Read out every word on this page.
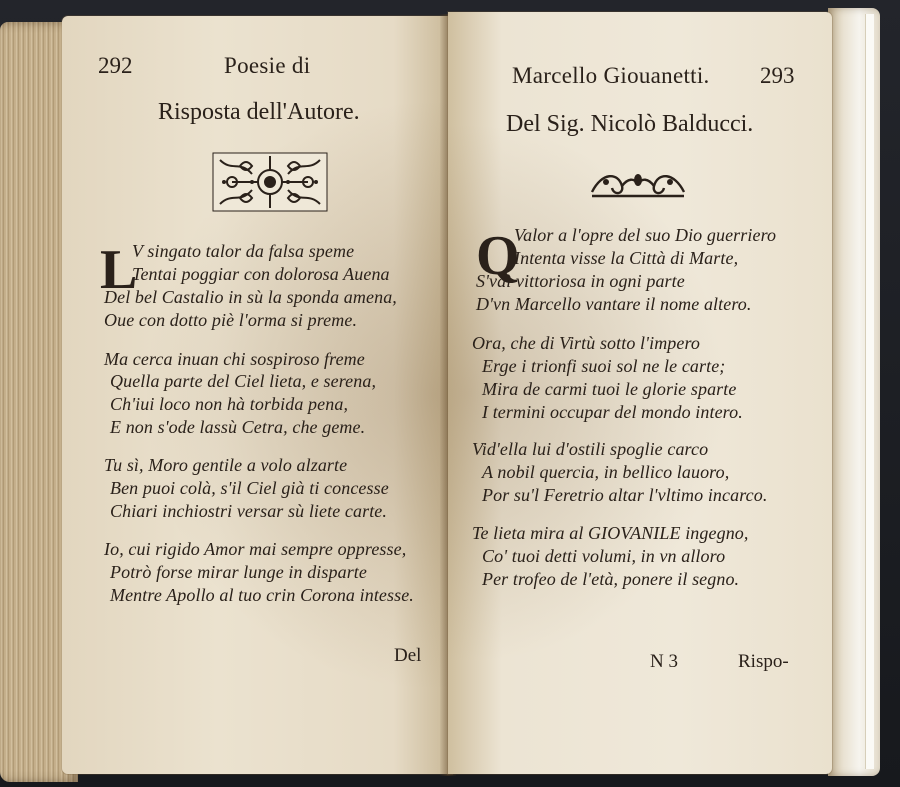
292	Poesie di
Risposta dell'Autore.
L
V singato talor da falsa speme
Tentai poggiar con dolorosa Auena
Del bel Castalio in sù la sponda amena,
Oue con dotto piè l'orma si preme.
Ma cerca inuan chi sospiroso freme
Quella parte del Ciel lieta, e serena,
Ch'iui loco non hà torbida pena,
E non s'ode lassù Cetra, che geme.
Tu sì, Moro gentile a volo alzarte
Ben puoi colà, s'il Ciel già ti concesse
Chiari inchiostri versar sù liete carte.
Io, cui rigido Amor mai sempre oppresse,
Potrò forse mirar lunge in disparte
Mentre Apollo al tuo crin Corona intesse.
Del
Marcello Giouanetti. 293
Del Sig. Nicolò Balducci.
Q
Valor a l'opre del suo Dio guerriero
Intenta visse la Città di Marte,
S'vdì vittoriosa in ogni parte
D'vn Marcello vantare il nome altero.
Ora, che di Virtù sotto l'impero
Erge i trionfi suoi sol ne le carte;
Mira de carmi tuoi le glorie sparte
I termini occupar del mondo intero.
Vid'ella lui d'ostili spoglie carco
A nobil quercia, in bellico lauoro,
Por su'l Feretrio altar l'vltimo incarco.
Te lieta mira al GIOVANILE ingegno,
Co' tuoi detti volumi, in vn alloro
Per trofeo de l'età, ponere il segno.
N 3	Rispo-
